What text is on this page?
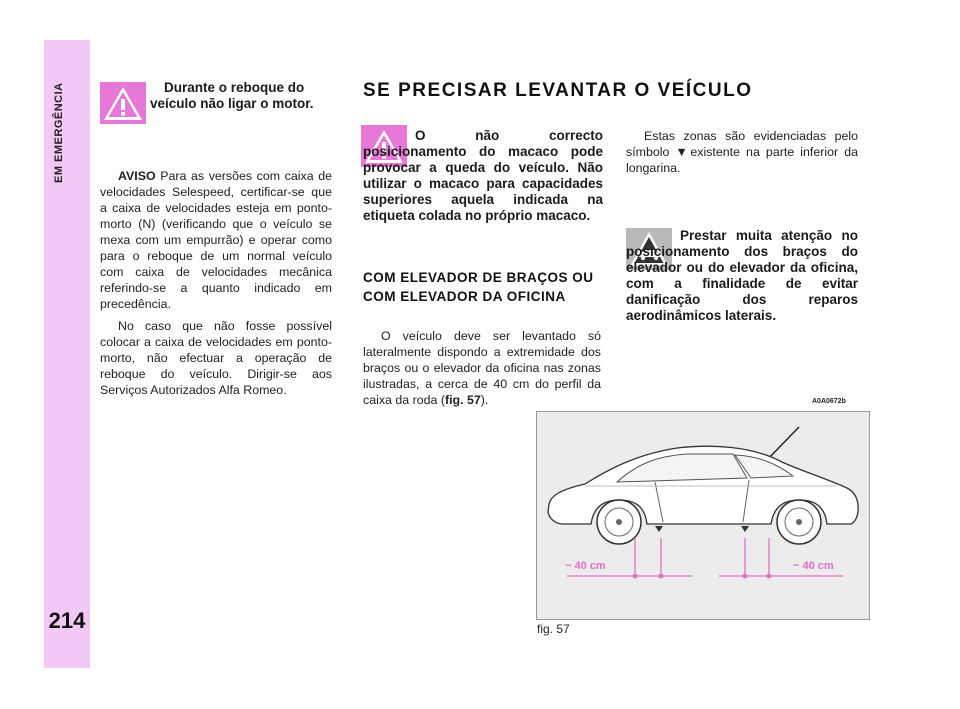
EM EMERGÊNCIA
214
Durante o reboque do veículo não ligar o motor.

AVISO Para as versões com caixa de velocidades Selespeed, certificar-se que a caixa de velocidades esteja em ponto-morto (N) (verificando que o veículo se mexa com um empurrão) e operar como para o reboque de um normal veículo com caixa de velocidades mecânica referindo-se a quanto indicado em precedência.

No caso que não fosse possível colocar a caixa de velocidades em ponto-morto, não efectuar a operação de reboque do veículo. Dirigir-se aos Serviços Autorizados Alfa Romeo.

SE PRECISAR LEVANTAR O VEÍCULO
O não correcto posicionamento do macaco pode provocar a queda do veículo. Não utilizar o macaco para capacidades superiores aquela indicada na etiqueta colada no próprio macaco.
COM ELEVADOR DE BRAÇOS OU COM ELEVADOR DA OFICINA

O veículo deve ser levantado só lateralmente dispondo a extremidade dos braços ou o elevador da oficina nas zonas ilustradas, a cerca de 40 cm do perfil da caixa da roda (fig. 57).

Estas zonas são evidenciadas pelo símbolo ▼existente na parte inferior da longarina.

Prestar muita atenção no posicionamento dos braços do elevador ou do elevador da oficina, com a finalidade de evitar danificação dos reparos aerodinâmicos laterais.
A0A0672b
~ 40 cm	~ 40 cm
fig. 57
